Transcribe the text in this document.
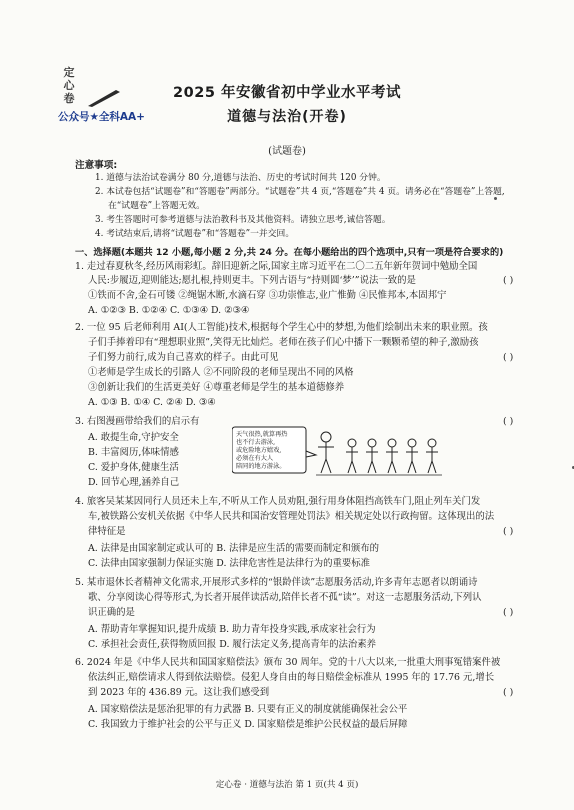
定
心
卷
公众号★全科AA+
2025 年安徽省初中学业水平考试
道德与法治(开卷)
(试题卷)
注意事项:
1. 道德与法治试卷满分 80 分,道德与法治、历史的考试时间共 120 分钟。
2. 本试卷包括“试题卷”和“答题卷”两部分。“试题卷”共 4 页,“答题卷”共 4 页。请务必在“答题卷”上答题,
在“试题卷”上答题无效。
3. 考生答题时可参考道德与法治教科书及其他资料。请独立思考,诚信答题。
4. 考试结束后,请将“试题卷”和“答题卷”一并交回。
一、选择题(本题共 12 小题,每小题 2 分,共 24 分。在每小题给出的四个选项中,只有一项是符合要求的)
1. 走过春夏秋冬,经历风雨彩虹。辞旧迎新之际,国家主席习近平在二〇二五年新年贺词中勉励全国
人民:步履迈,迎则能达;愿扎根,持则更丰。下列古语与“持则圆‘梦’”说法一致的是	( )
①铁而不舍,金石可镂 ②绳锯木断,水滴石穿 ③功崇惟志,业广惟勤 ④民惟邦本,本固邦宁
A. ①②③ B. ①②④ C. ①③④ D. ②③④
2. 一位 95 后老师利用 AI(人工智能)技术,根据每个学生心中的梦想,为他们绘制出未来的职业照。孩
子们手捧着印有“理想职业照”,笑得无比灿烂。老师在孩子们心中播下一颗颗希望的种子,激励孩
子们努力前行,成为自己喜欢的样子。由此可见	( )
①老师是学生成长的引路人 ②不同阶段的老师呈现出不同的风格
③创新让我们的生活更美好 ④尊重老师是学生的基本道德修养
A. ①③ B. ①④ C. ②④ D. ③④
3. 右图漫画带给我们的启示有	( )
A. 敢提生命,守护安全
B. 丰富阅历,体味情感
C. 爱护身体,健康生活
D. 回节心理,涵养自己
天气很热,就算再热
也不行去游泳,
或危险地方嬉戏,
必须在有大人
陪同的地方游泳。
4. 旅客吴某某因同行人员还未上车,不听从工作人员劝阻,强行用身体阻挡高铁车门,阻止列车关门发
车,被铁路公安机关依据《中华人民共和国治安管理处罚法》相关规定处以行政拘留。这体现出的法
律特征是	( )
A. 法律是由国家制定或认可的 B. 法律是应生活的需要而制定和颁布的
C. 法律由国家强制力保证实施 D. 法律危害性是法律行为的重要标准
5. 某市退休长者精神文化需求,开展形式多样的“银龄伴读”志愿服务活动,许多青年志愿者以朗诵诗
歌、分享阅读心得等形式,为长者开展伴读活动,陪伴长者不孤“读”。对这一志愿服务活动,下列认
识正确的是	( )
A. 帮助青年掌握知识,提升成绩 B. 助力青年投身实践,承成家社会行为
C. 承担社会责任,获得物质回报 D. 履行法定义务,提高青年的法治素养
6. 2024 年是《中华人民共和国国家赔偿法》颁布 30 周年。党的十八大以来,一批重大刑事冤错案件被
依法纠正,赔偿请求人得到依法赔偿。侵犯人身自由的每日赔偿金标准从 1995 年的 17.76 元,增长
到 2023 年的 436.89 元。这让我们感受到	( )
A. 国家赔偿法是惩治犯罪的有力武器 B. 只要有正义的制度就能确保社会公平
C. 我国致力于维护社会的公平与正义 D. 国家赔偿是维护公民权益的最后屏障
定心卷 · 道德与法治 第 1 页(共 4 页)
